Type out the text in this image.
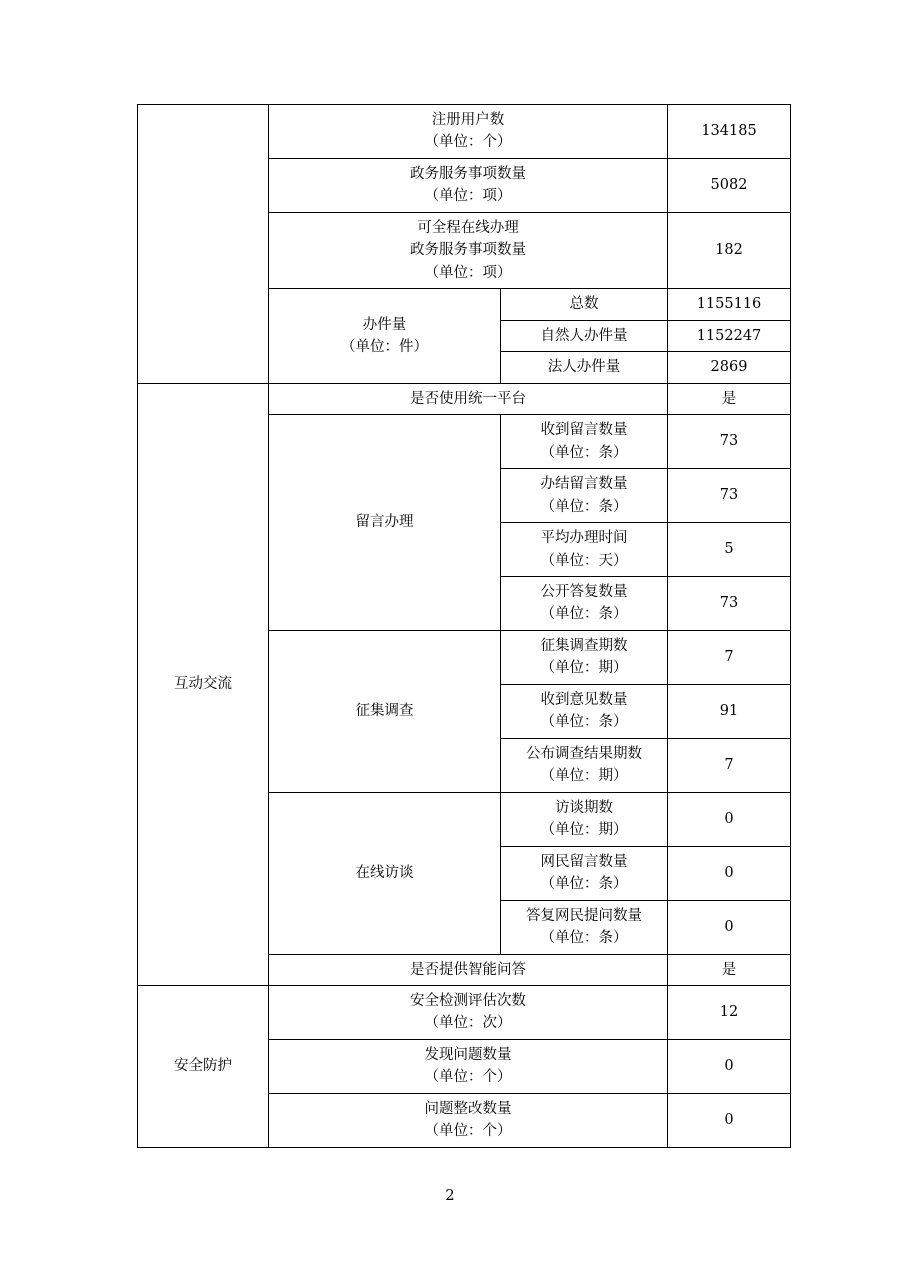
	注册用户数
（单位：个）		134185

	政务服务事项数量
（单位：项）		5082

	可全程在线办理
政务服务事项数量
（单位：项）		182

	办件量
（单位：件）	总数	1155116

		自然人办件量	1152247

		法人办件量	2869

互动交流	是否使用统一平台		是

	留言办理	收到留言数量
（单位：条）	73

		办结留言数量
（单位：条）	73

		平均办理时间
（单位：天）	5

		公开答复数量
（单位：条）	73

	征集调查	征集调查期数
（单位：期）	7

		收到意见数量
（单位：条）	91

		公布调查结果期数
（单位：期）	7

	在线访谈	访谈期数
（单位：期）	0

		网民留言数量
（单位：条）	0

		答复网民提问数量
（单位：条）	0

	是否提供智能问答		是

安全防护	安全检测评估次数
（单位：次）		12

	发现问题数量
（单位：个）		0

	问题整改数量
（单位：个）		0
2
